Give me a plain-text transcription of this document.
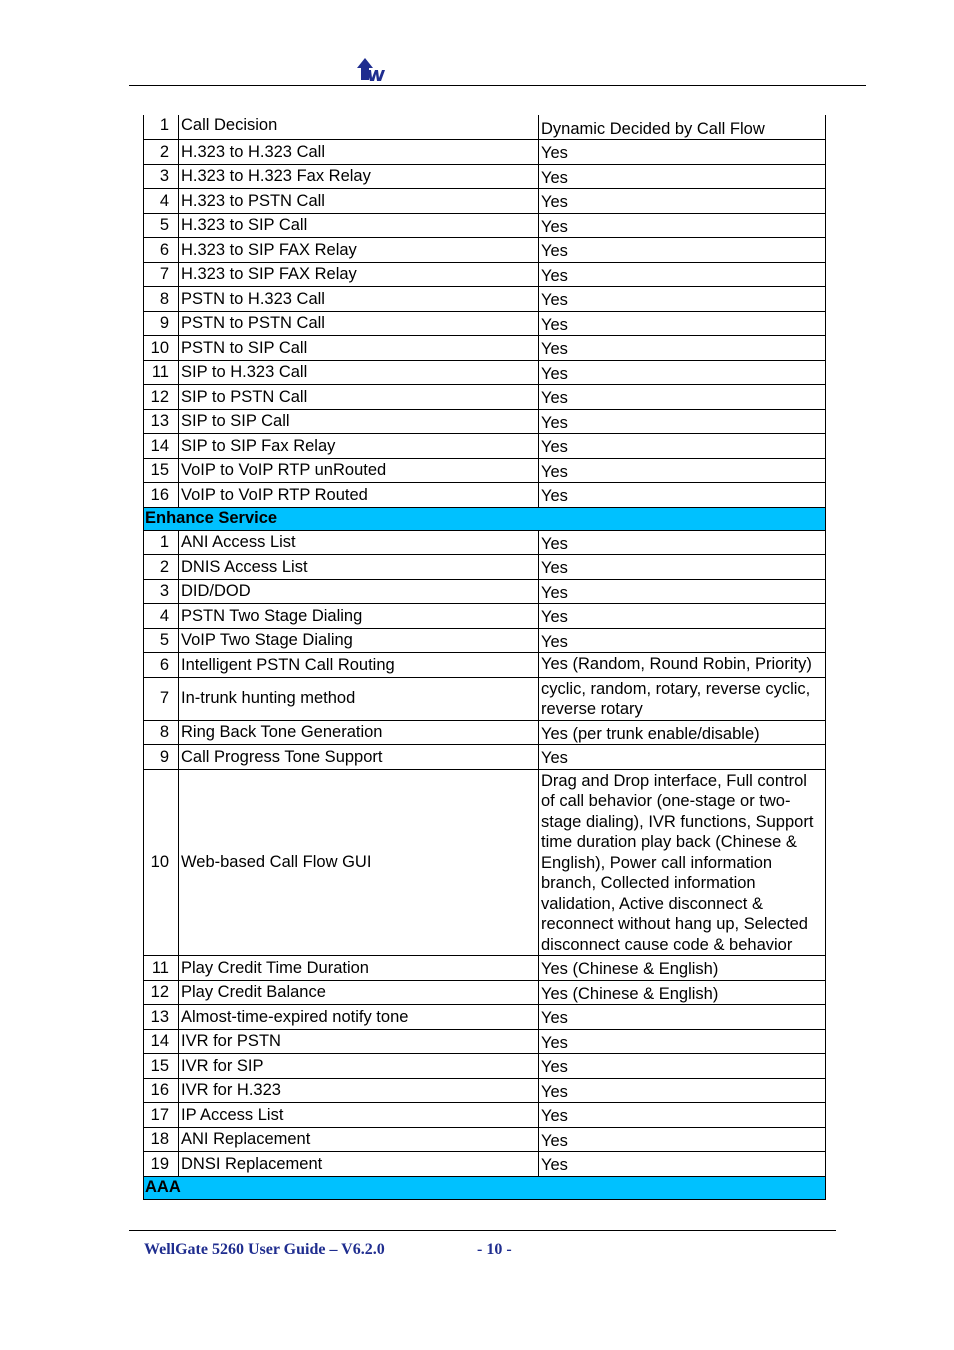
1	Call Decision	Dynamic Decided by Call Flow
2	H.323 to H.323 Call	Yes
3	H.323 to H.323 Fax Relay	Yes
4	H.323 to PSTN Call	Yes
5	H.323 to SIP Call	Yes
6	H.323 to SIP FAX Relay	Yes
7	H.323 to SIP FAX Relay	Yes
8	PSTN to H.323 Call	Yes
9	PSTN to PSTN Call	Yes
10	PSTN to SIP Call	Yes
11	SIP to H.323 Call	Yes
12	SIP to PSTN Call	Yes
13	SIP to SIP Call	Yes
14	SIP to SIP Fax Relay	Yes
15	VoIP to VoIP RTP unRouted	Yes
16	VoIP to VoIP RTP Routed	Yes
Enhance Service		
1	ANI Access List	Yes
2	DNIS Access List	Yes
3	DID/DOD	Yes
4	PSTN Two Stage Dialing	Yes
5	VoIP Two Stage Dialing	Yes
6	Intelligent PSTN Call Routing	Yes (Random, Round Robin, Priority)
7	In-trunk hunting method	cyclic, random, rotary, reverse cyclic, reverse rotary
8	Ring Back Tone Generation	Yes (per trunk enable/disable)
9	Call Progress Tone Support	Yes
10	Web-based Call Flow GUI	Drag and Drop interface, Full control of call behavior (one-stage or two-stage dialing), IVR functions, Support time duration play back (Chinese & English), Power call information branch, Collected information validation, Active disconnect & reconnect without hang up, Selected disconnect cause code & behavior
11	Play Credit Time Duration	Yes (Chinese & English)
12	Play Credit Balance	Yes (Chinese & English)
13	Almost-time-expired notify tone	Yes
14	IVR for PSTN	Yes
15	IVR for SIP	Yes
16	IVR for H.323	Yes
17	IP Access List	Yes
18	ANI Replacement	Yes
19	DNSI Replacement	Yes
AAA		
WellGate 5260 User Guide – V6.2.0	- 10 -
